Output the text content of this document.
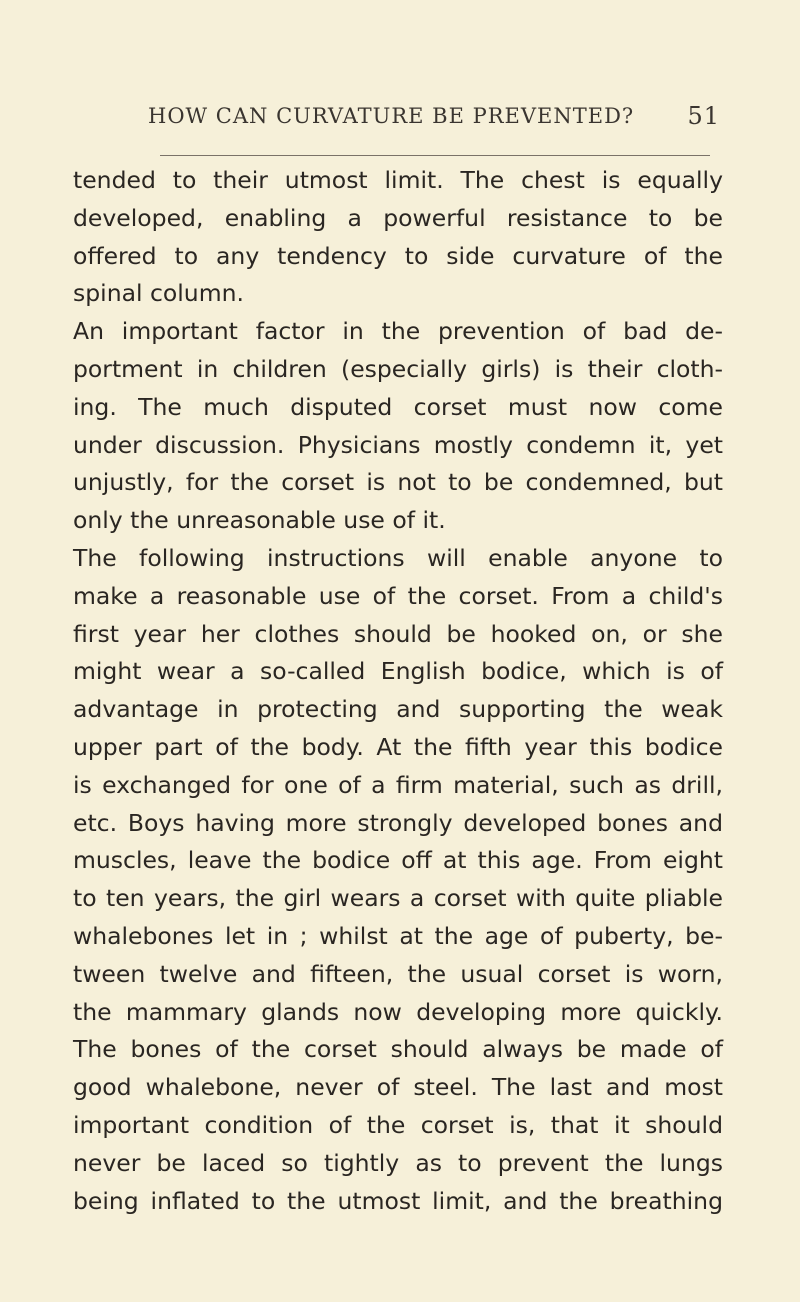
HOW CAN CURVATURE BE PREVENTED? 51
tended to their utmost limit. The chest is equally
developed, enabling a powerful resistance to be
offered to any tendency to side curvature of the
spinal column.
An important factor in the prevention of bad de-
portment in children (especially girls) is their cloth-
ing. The much disputed corset must now come
under discussion. Physicians mostly condemn it, yet
unjustly, for the corset is not to be condemned, but
only the unreasonable use of it.
The following instructions will enable anyone to
make a reasonable use of the corset. From a child's
first year her clothes should be hooked on, or she
might wear a so-called English bodice, which is of
advantage in protecting and supporting the weak
upper part of the body. At the fifth year this bodice
is exchanged for one of a firm material, such as drill,
etc. Boys having more strongly developed bones and
muscles, leave the bodice off at this age. From eight
to ten years, the girl wears a corset with quite pliable
whalebones let in ; whilst at the age of puberty, be-
tween twelve and fifteen, the usual corset is worn,
the mammary glands now developing more quickly.
The bones of the corset should always be made of
good whalebone, never of steel. The last and most
important condition of the corset is, that it should
never be laced so tightly as to prevent the lungs
being inflated to the utmost limit, and the breathing
